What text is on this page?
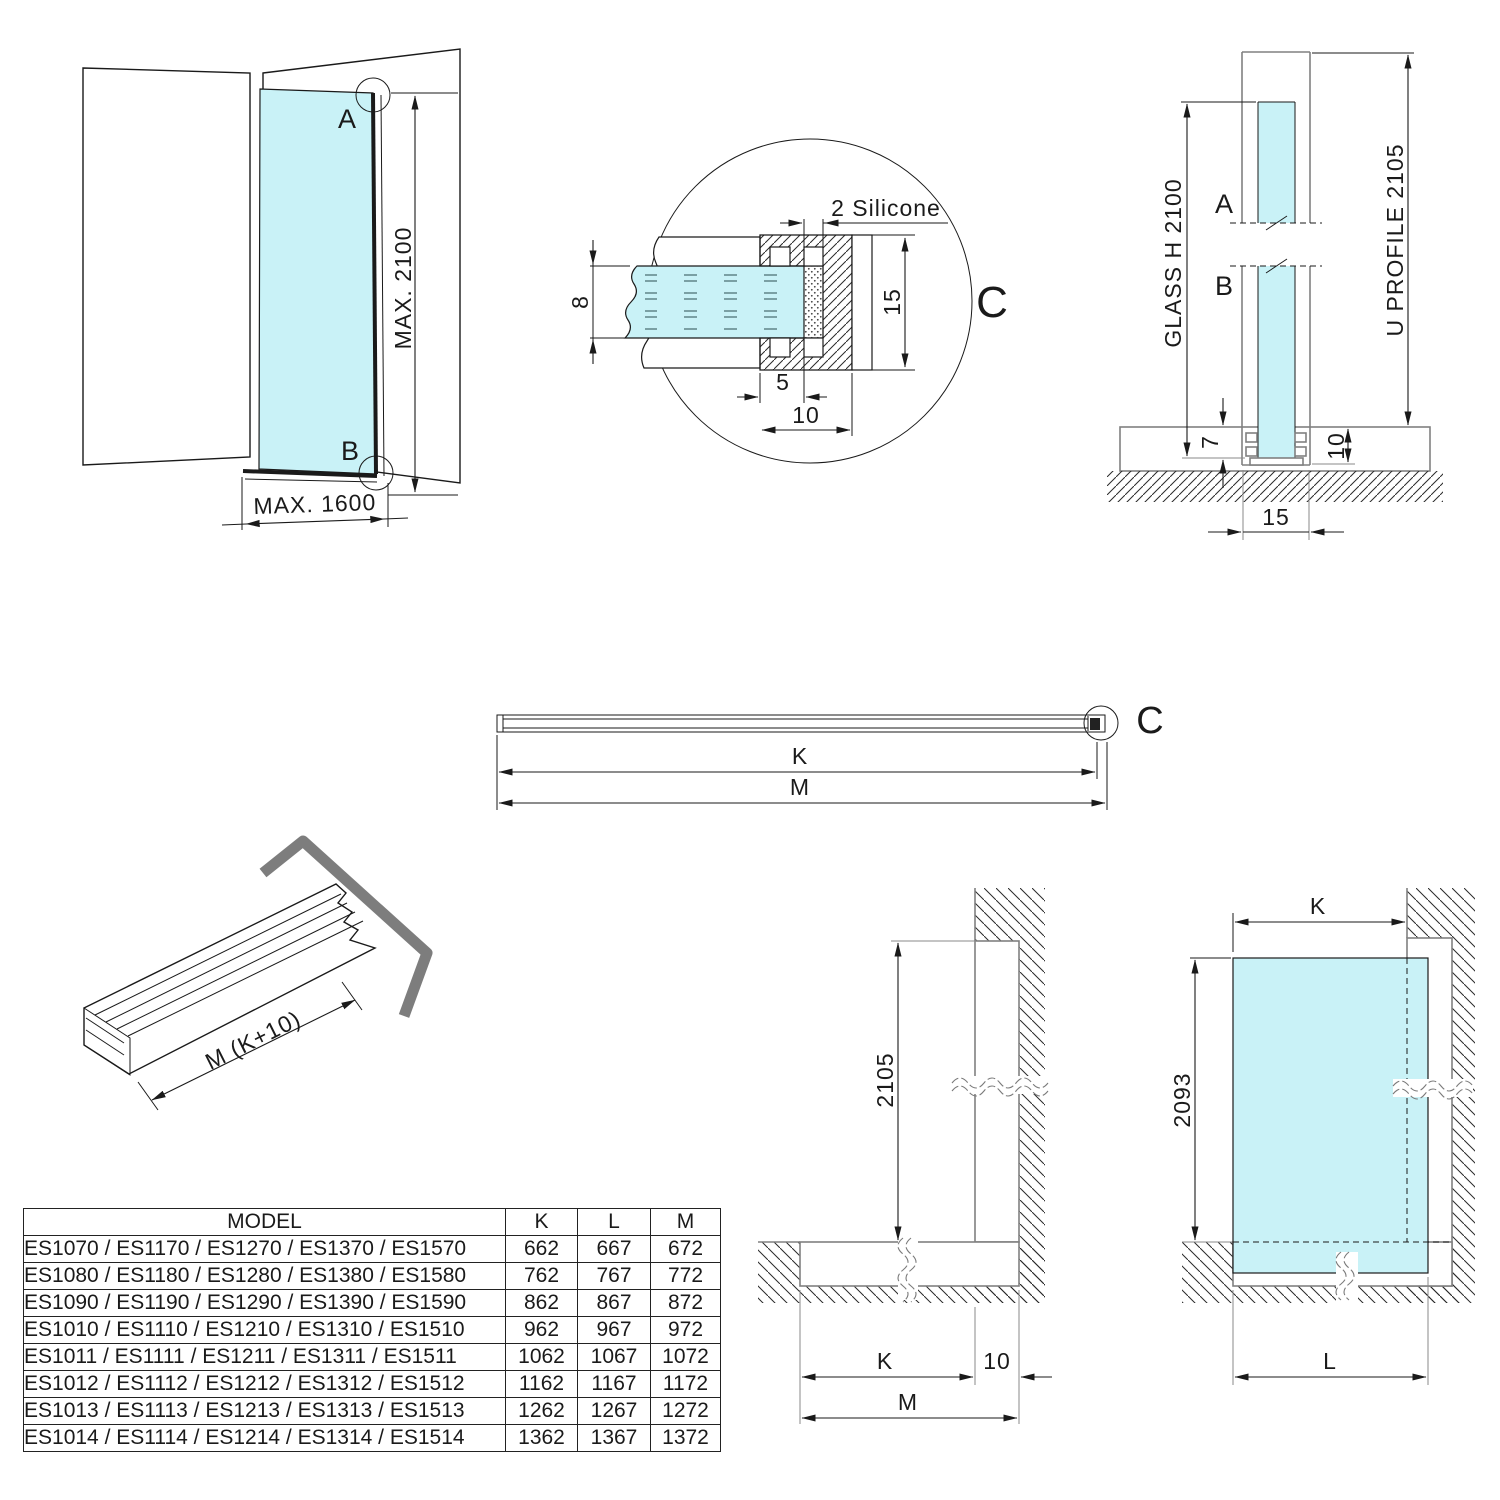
A
B
MAX. 2100
MAX. 1600
2 Silicone
8	15
5
10
C
A
B
GLASS H 2100	U PROFILE 2105
7	10
15
C
K
M
M (K+10)
2105
K	10
M
K
2093
L
MODEL	K	L	M
ES1070 / ES1170 / ES1270 / ES1370 / ES1570	662	667	672
ES1080 / ES1180 / ES1280 / ES1380 / ES1580	762	767	772
ES1090 / ES1190 / ES1290 / ES1390 / ES1590	862	867	872
ES1010 / ES1110 / ES1210 / ES1310 / ES1510	962	967	972
ES1011 / ES1111 / ES1211 / ES1311 / ES1511	1062	1067	1072
ES1012 / ES1112 / ES1212 / ES1312 / ES1512	1162	1167	1172
ES1013 / ES1113 / ES1213 / ES1313 / ES1513	1262	1267	1272
ES1014 / ES1114 / ES1214 / ES1314 / ES1514	1362	1367	1372
